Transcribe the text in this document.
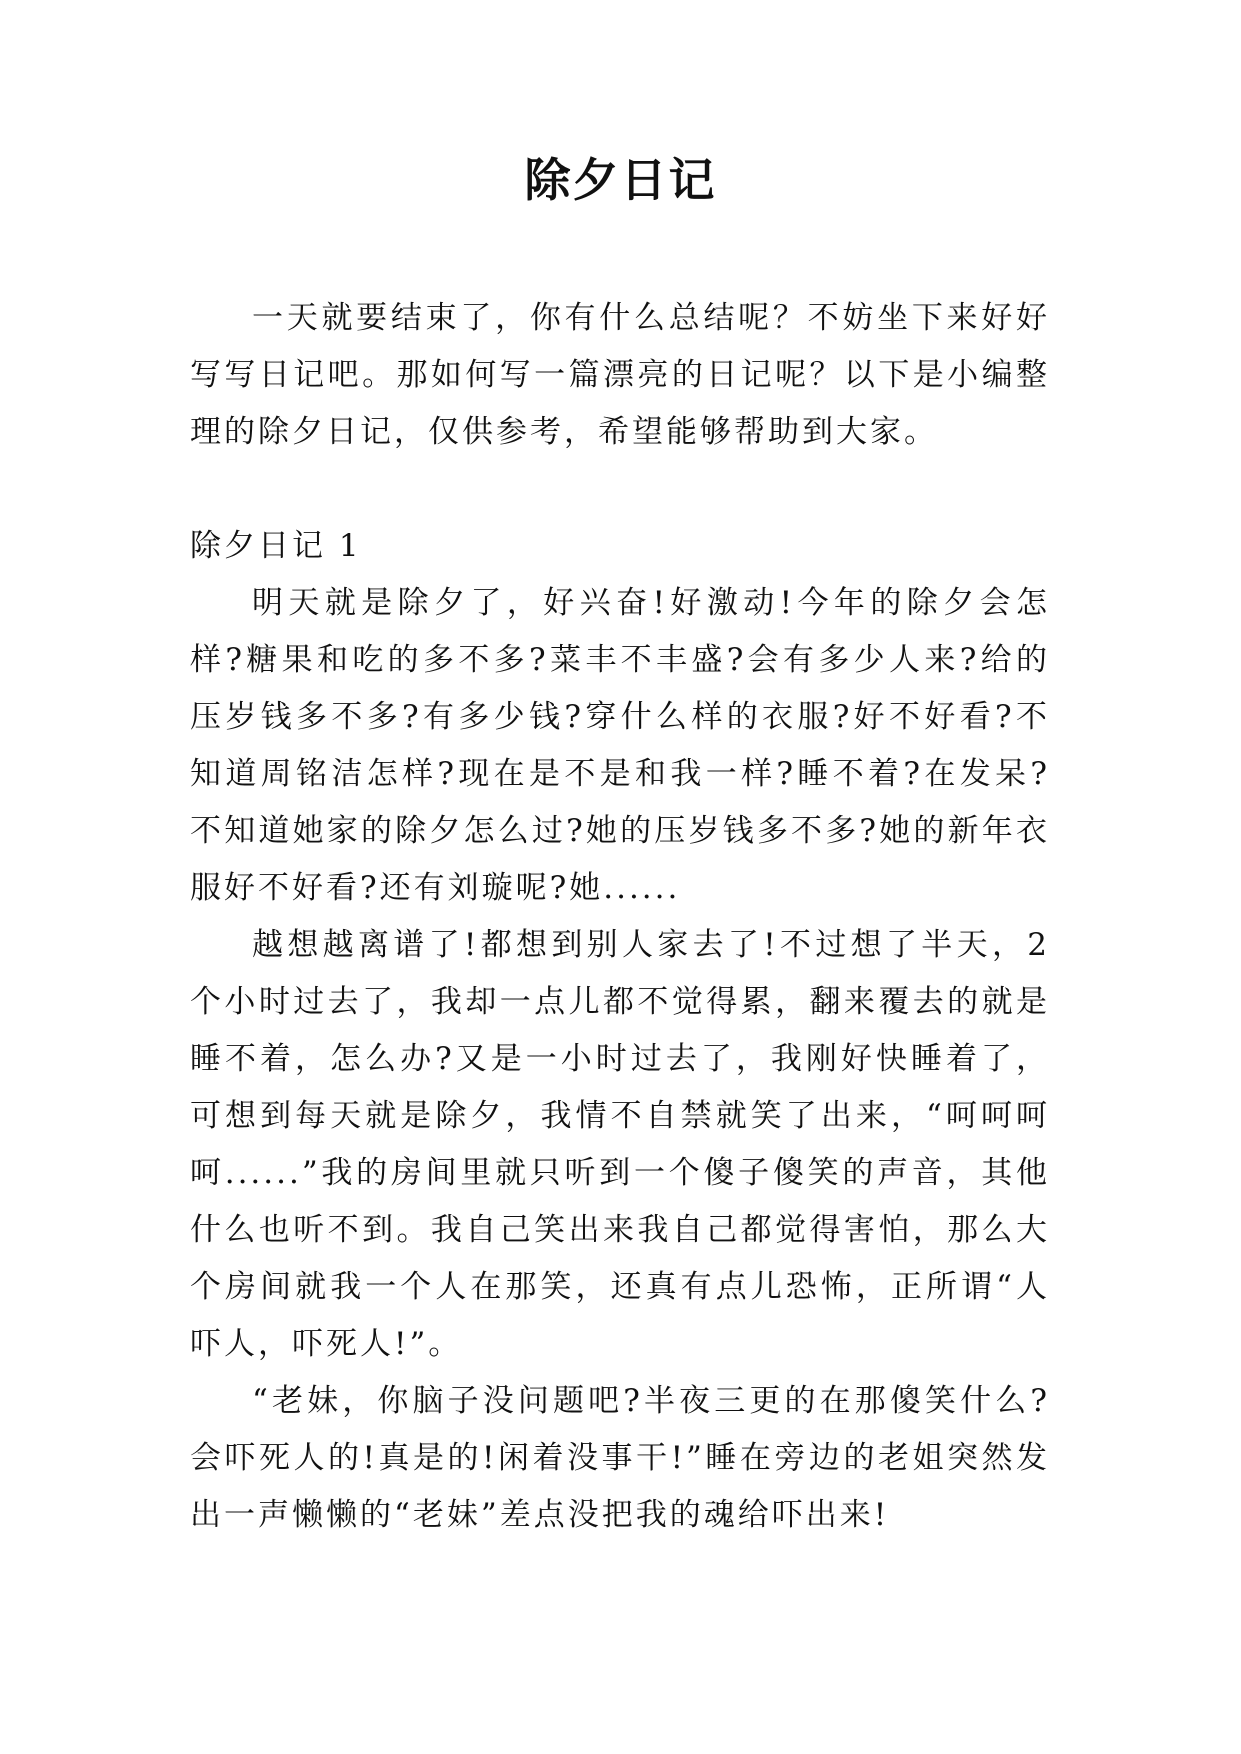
除夕日记

一天就要结束了，你有什么总结呢？不妨坐下来好好写写日记吧。那如何写一篇漂亮的日记呢？以下是小编整理的除夕日记，仅供参考，希望能够帮助到大家。

除夕日记 1

明天就是除夕了，好兴奋!好激动!今年的除夕会怎样?糖果和吃的多不多?菜丰不丰盛?会有多少人来?给的压岁钱多不多?有多少钱?穿什么样的衣服?好不好看?不知道周铭洁怎样?现在是不是和我一样?睡不着?在发呆?不知道她家的除夕怎么过?她的压岁钱多不多?她的新年衣服好不好看?还有刘璇呢?她......

越想越离谱了!都想到别人家去了!不过想了半天，2 个小时过去了，我却一点儿都不觉得累，翻来覆去的就是睡不着，怎么办?又是一小时过去了，我刚好快睡着了，可想到每天就是除夕，我情不自禁就笑了出来，“呵呵呵呵......”我的房间里就只听到一个傻子傻笑的声音，其他什么也听不到。我自己笑出来我自己都觉得害怕，那么大个房间就我一个人在那笑，还真有点儿恐怖，正所谓“人吓人，吓死人!”。

“老妹，你脑子没问题吧?半夜三更的在那傻笑什么?会吓死人的!真是的!闲着没事干!”睡在旁边的老姐突然发出一声懒懒的“老妹”差点没把我的魂给吓出来!
